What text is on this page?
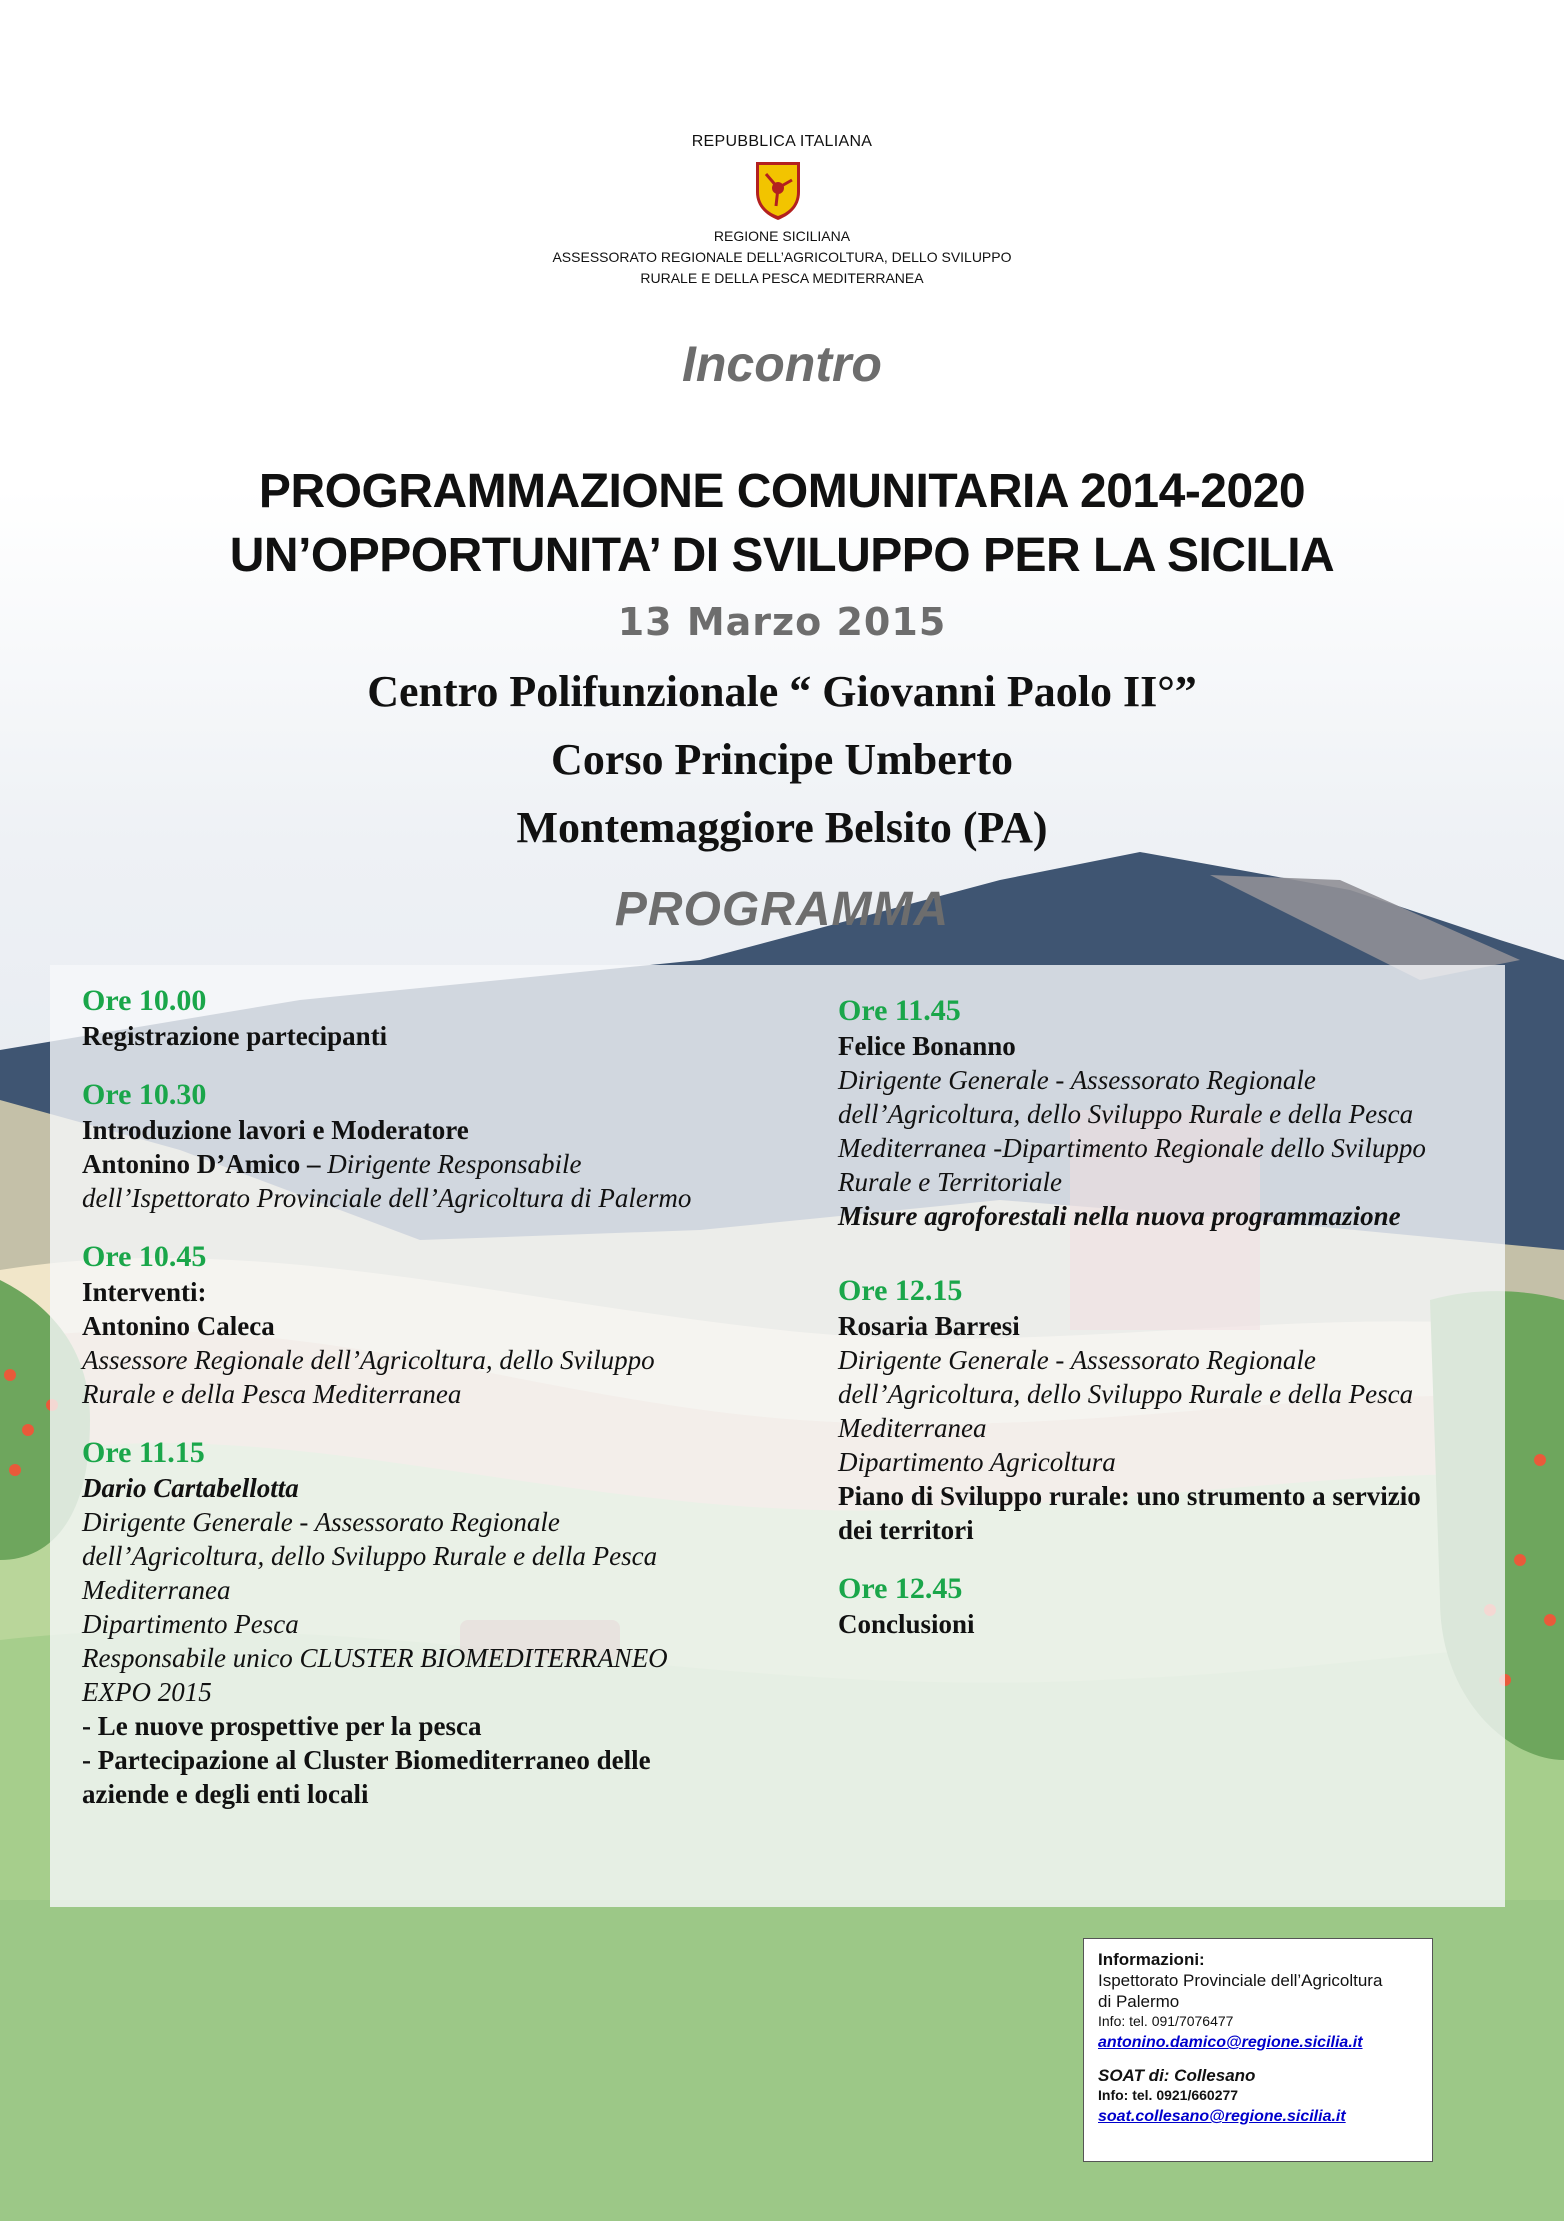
REPUBBLICA ITALIANA
REGIONE SICILIANA
ASSESSORATO REGIONALE DELL’AGRICOLTURA, DELLO SVILUPPO
RURALE E DELLA PESCA MEDITERRANEA
Incontro
PROGRAMMAZIONE COMUNITARIA 2014-2020
UN’OPPORTUNITA’ DI SVILUPPO PER LA SICILIA
13 Marzo 2015
Centro Polifunzionale “ Giovanni Paolo II°”
Corso Principe Umberto
Montemaggiore Belsito (PA)
PROGRAMMA
Ore 10.00
Registrazione partecipanti
Ore 10.30
Introduzione lavori e Moderatore
Antonino D’Amico – Dirigente Responsabile
dell’Ispettorato Provinciale dell’Agricoltura di Palermo
Ore 10.45
Interventi:
Antonino Caleca
Assessore Regionale dell’Agricoltura, dello Sviluppo
Rurale e della Pesca Mediterranea
Ore 11.15
Dario Cartabellotta
Dirigente Generale - Assessorato Regionale
dell’Agricoltura, dello Sviluppo Rurale e della Pesca
Mediterranea
Dipartimento Pesca
Responsabile unico CLUSTER BIOMEDITERRANEO
EXPO 2015
- Le nuove prospettive per la pesca
- Partecipazione al Cluster Biomediterraneo delle
aziende e degli enti locali
Ore 11.45
Felice Bonanno
Dirigente Generale - Assessorato Regionale
dell’Agricoltura, dello Sviluppo Rurale e della Pesca
Mediterranea -Dipartimento Regionale dello Sviluppo
Rurale e Territoriale
Misure agroforestali nella nuova programmazione
Ore 12.15
Rosaria Barresi
Dirigente Generale - Assessorato Regionale
dell’Agricoltura, dello Sviluppo Rurale e della Pesca
Mediterranea
Dipartimento Agricoltura
Piano di Sviluppo rurale: uno strumento a servizio
dei territori
Ore 12.45
Conclusioni
Informazioni:
Ispettorato Provinciale dell’Agricoltura
di Palermo
Info: tel. 091/7076477
antonino.damico@regione.sicilia.it
SOAT di: Collesano
Info: tel. 0921/660277
soat.collesano@regione.sicilia.it
